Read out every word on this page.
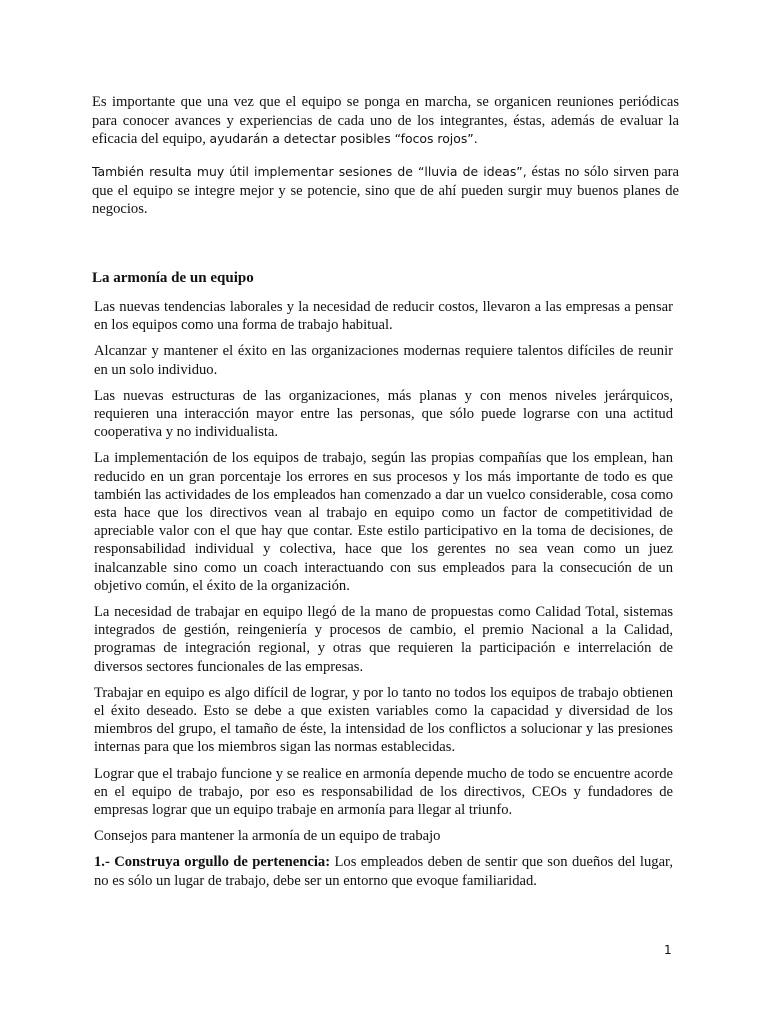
Es importante que una vez que el equipo se ponga en marcha, se organicen reuniones periódicas para conocer avances y experiencias de cada uno de los integrantes, éstas, además de evaluar la eficacia del equipo, ayudarán a detectar posibles “focos rojos”.

También resulta muy útil implementar sesiones de “lluvia de ideas”, éstas no sólo sirven para que el equipo se integre mejor y se potencie, sino que de ahí pueden surgir muy buenos planes de negocios.

La armonía de un equipo

Las nuevas tendencias laborales y la necesidad de reducir costos, llevaron a las empresas a pensar en los equipos como una forma de trabajo habitual.

Alcanzar y mantener el éxito en las organizaciones modernas requiere talentos difíciles de reunir en un solo individuo.

Las nuevas estructuras de las organizaciones, más planas y con menos niveles jerárquicos, requieren una interacción mayor entre las personas, que sólo puede lograrse con una actitud cooperativa y no individualista.

La implementación de los equipos de trabajo, según las propias compañías que los emplean, han reducido en un gran porcentaje los errores en sus procesos y los más importante de todo es que también las actividades de los empleados han comenzado a dar un vuelco considerable, cosa como esta hace que los directivos vean al trabajo en equipo como un factor de competitividad de apreciable valor con el que hay que contar. Este estilo participativo en la toma de decisiones, de responsabilidad individual y colectiva, hace que los gerentes no sea vean como un juez inalcanzable sino como un coach interactuando con sus empleados para la consecución de un objetivo común, el éxito de la organización.

La necesidad de trabajar en equipo llegó de la mano de propuestas como Calidad Total, sistemas integrados de gestión, reingeniería y procesos de cambio, el premio Nacional a la Calidad, programas de integración regional, y otras que requieren la participación e interrelación de diversos sectores funcionales de las empresas.

Trabajar en equipo es algo difícil de lograr, y por lo tanto no todos los equipos de trabajo obtienen el éxito deseado. Esto se debe a que existen variables como la capacidad y diversidad de los miembros del grupo, el tamaño de éste, la intensidad de los conflictos a solucionar y las presiones internas para que los miembros sigan las normas establecidas.

Lograr que el trabajo funcione y se realice en armonía depende mucho de todo se encuentre acorde en el equipo de trabajo, por eso es responsabilidad de los directivos, CEOs y fundadores de empresas lograr que un equipo trabaje en armonía para llegar al triunfo.

Consejos para mantener la armonía de un equipo de trabajo

1.- Construya orgullo de pertenencia: Los empleados deben de sentir que son dueños del lugar, no es sólo un lugar de trabajo, debe ser un entorno que evoque familiaridad.

1
